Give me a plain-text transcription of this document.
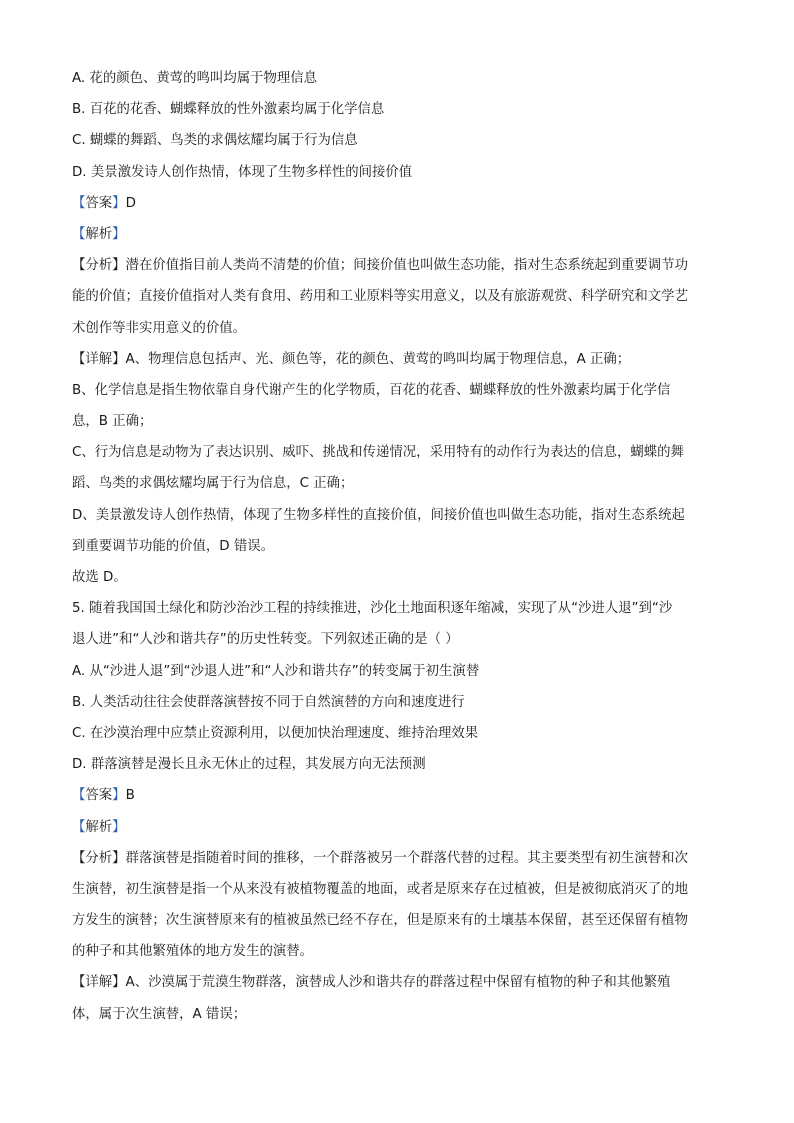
A. 花的颜色、黄莺的鸣叫均属于物理信息
B. 百花的花香、蝴蝶释放的性外激素均属于化学信息
C. 蝴蝶的舞蹈、鸟类的求偶炫耀均属于行为信息
D. 美景激发诗人创作热情，体现了生物多样性的间接价值
【答案】D
【解析】
【分析】潜在价值指目前人类尚不清楚的价值；间接价值也叫做生态功能，指对生态系统起到重要调节功
能的价值；直接价值指对人类有食用、药用和工业原料等实用意义，以及有旅游观赏、科学研究和文学艺
术创作等非实用意义的价值。
【详解】A、物理信息包括声、光、颜色等，花的颜色、黄莺的鸣叫均属于物理信息，A 正确；
B、化学信息是指生物依靠自身代谢产生的化学物质，百花的花香、蝴蝶释放的性外激素均属于化学信
息，B 正确；
C、行为信息是动物为了表达识别、威吓、挑战和传递情况，采用特有的动作行为表达的信息，蝴蝶的舞
蹈、鸟类的求偶炫耀均属于行为信息，C 正确；
D、美景激发诗人创作热情，体现了生物多样性的直接价值，间接价值也叫做生态功能，指对生态系统起
到重要调节功能的价值，D 错误。
故选 D。
5. 随着我国国土绿化和防沙治沙工程的持续推进，沙化土地面积逐年缩减，实现了从“沙进人退”到“沙
退人进”和“人沙和谐共存”的历史性转变。下列叙述正确的是（ ）
A. 从“沙进人退”到“沙退人进”和“人沙和谐共存”的转变属于初生演替
B. 人类活动往往会使群落演替按不同于自然演替的方向和速度进行
C. 在沙漠治理中应禁止资源利用，以便加快治理速度、维持治理效果
D. 群落演替是漫长且永无休止的过程，其发展方向无法预测
【答案】B
【解析】
【分析】群落演替是指随着时间的推移，一个群落被另一个群落代替的过程。其主要类型有初生演替和次
生演替，初生演替是指一个从来没有被植物覆盖的地面，或者是原来存在过植被，但是被彻底消灭了的地
方发生的演替；次生演替原来有的植被虽然已经不存在，但是原来有的土壤基本保留，甚至还保留有植物
的种子和其他繁殖体的地方发生的演替。
【详解】A、沙漠属于荒漠生物群落，演替成人沙和谐共存的群落过程中保留有植物的种子和其他繁殖
体，属于次生演替，A 错误；
